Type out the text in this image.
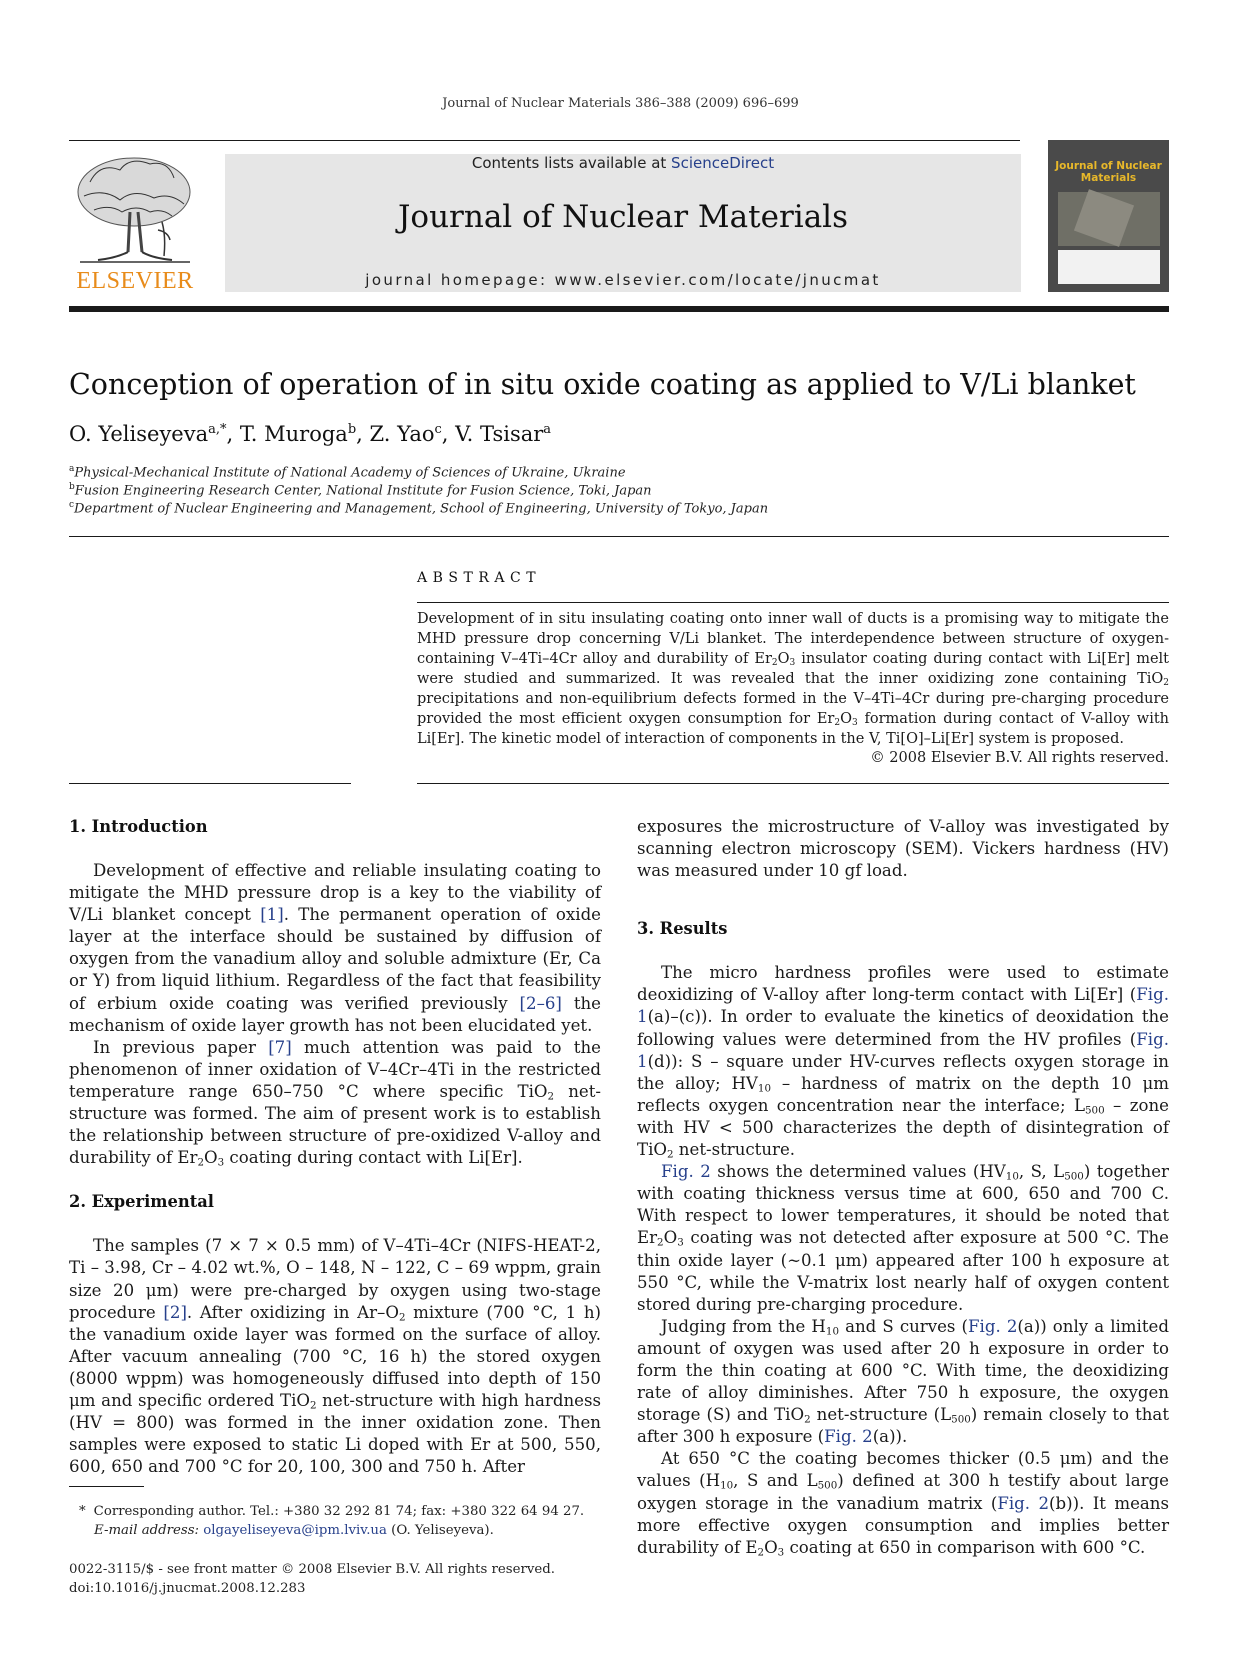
Journal of Nuclear Materials 386–388 (2009) 696–699
ELSEVIER
Contents lists available at ScienceDirect
Journal of Nuclear Materials
journal homepage: www.elsevier.com/locate/jnucmat
Journal of Nuclear Materials
Conception of operation of in situ oxide coating as applied to V/Li blanket
O. Yeliseyeva$^{a,*}$, T. Muroga$^b$, Z. Yao$^c$, V. Tsisar$^a$
$^a$Physical-Mechanical Institute of National Academy of Sciences of Ukraine, Ukraine
$^b$Fusion Engineering Research Center, National Institute for Fusion Science, Toki, Japan
$^c$Department of Nuclear Engineering and Management, School of Engineering, University of Tokyo, Japan
ABSTRACT
Development of in situ insulating coating onto inner wall of ducts is a promising way to mitigate the MHD pressure drop concerning V/Li blanket. The interdependence between structure of oxygen-containing V–4Ti–4Cr alloy and durability of $Er_2O_3$ insulator coating during contact with Li[Er] melt were studied and summarized. It was revealed that the inner oxidizing zone containing TiO$_2$ precipitations and non-equilibrium defects formed in the V–4Ti–4Cr during pre-charging procedure provided the most efficient oxygen consumption for $Er_2O_3$ formation during contact of V-alloy with Li[Er]. The kinetic model of interaction of components in the V, Ti[O]–Li[Er] system is proposed.
© 2008 Elsevier B.V. All rights reserved.
1. Introduction

Development of effective and reliable insulating coating to mitigate the MHD pressure drop is a key to the viability of V/Li blanket concept [1]. The permanent operation of oxide layer at the interface should be sustained by diffusion of oxygen from the vanadium alloy and soluble admixture (Er, Ca or Y) from liquid lithium. Regardless of the fact that feasibility of erbium oxide coating was verified previously [2–6] the mechanism of oxide layer growth has not been elucidated yet.

In previous paper [7] much attention was paid to the phenomenon of inner oxidation of V–4Cr–4Ti in the restricted temperature range 650–750 °C where specific TiO$_2$ net-structure was formed. The aim of present work is to establish the relationship between structure of pre-oxidized V-alloy and durability of $Er_2O_3$ coating during contact with Li[Er].

2. Experimental

The samples (7 × 7 × 0.5 mm) of V–4Ti–4Cr (NIFS-HEAT-2, Ti – 3.98, Cr – 4.02 wt.%, O – 148, N – 122, C – 69 wppm, grain size 20 μm) were pre-charged by oxygen using two-stage procedure [2]. After oxidizing in $Ar-O_2$ mixture (700 °C, 1 h) the vanadium oxide layer was formed on the surface of alloy. After vacuum annealing (700 °C, 16 h) the stored oxygen (8000 wppm) was homogeneously diffused into depth of 150 μm and specific ordered TiO$_2$ net-structure with high hardness (HV = 800) was formed in the inner oxidation zone. Then samples were exposed to static Li doped with Er at 500, 550, 600, 650 and 700 °C for 20, 100, 300 and 750 h. After

exposures the microstructure of V-alloy was investigated by scanning electron microscopy (SEM). Vickers hardness (HV) was measured under 10 gf load.

3. Results

The micro hardness profiles were used to estimate deoxidizing of V-alloy after long-term contact with Li[Er] (Fig. 1(a)–(c)). In order to evaluate the kinetics of deoxidation the following values were determined from the HV profiles (Fig. 1(d)): S – square under HV-curves reflects oxygen storage in the alloy; $HV_{10}$ – hardness of matrix on the depth 10 μm reflects oxygen concentration near the interface; $L_{500}$ – zone with HV < 500 characterizes the depth of disintegration of TiO$_2$ net-structure.

Fig. 2 shows the determined values ($HV_{10}$, S, $L_{500}$) together with coating thickness versus time at 600, 650 and 700 C. With respect to lower temperatures, it should be noted that $Er_2O_3$ coating was not detected after exposure at 500 °C. The thin oxide layer (∼0.1 μm) appeared after 100 h exposure at 550 °C, while the V-matrix lost nearly half of oxygen content stored during pre-charging procedure.

Judging from the $H_{10}$ and S curves (Fig. 2(a)) only a limited amount of oxygen was used after 20 h exposure in order to form the thin coating at 600 °C. With time, the deoxidizing rate of alloy diminishes. After 750 h exposure, the oxygen storage (S) and TiO$_2$ net-structure $(L_{500})$ remain closely to that after 300 h exposure (Fig. 2(a)).

At 650 °C the coating becomes thicker (0.5 μm) and the values ($H_{10}$, S and $L_{500}$) defined at 300 h testify about large oxygen storage in the vanadium matrix (Fig. 2(b)). It means more effective oxygen consumption and implies better durability of $E_2O_3$ coating at 650 in comparison with 600 °C.

* Corresponding author. Tel.: +380 32 292 81 74; fax: +380 322 64 94 27.
E-mail address: olgayeliseyeva@ipm.lviv.ua (O. Yeliseyeva).
0022-3115/$ - see front matter © 2008 Elsevier B.V. All rights reserved.
doi:10.1016/j.jnucmat.2008.12.283
